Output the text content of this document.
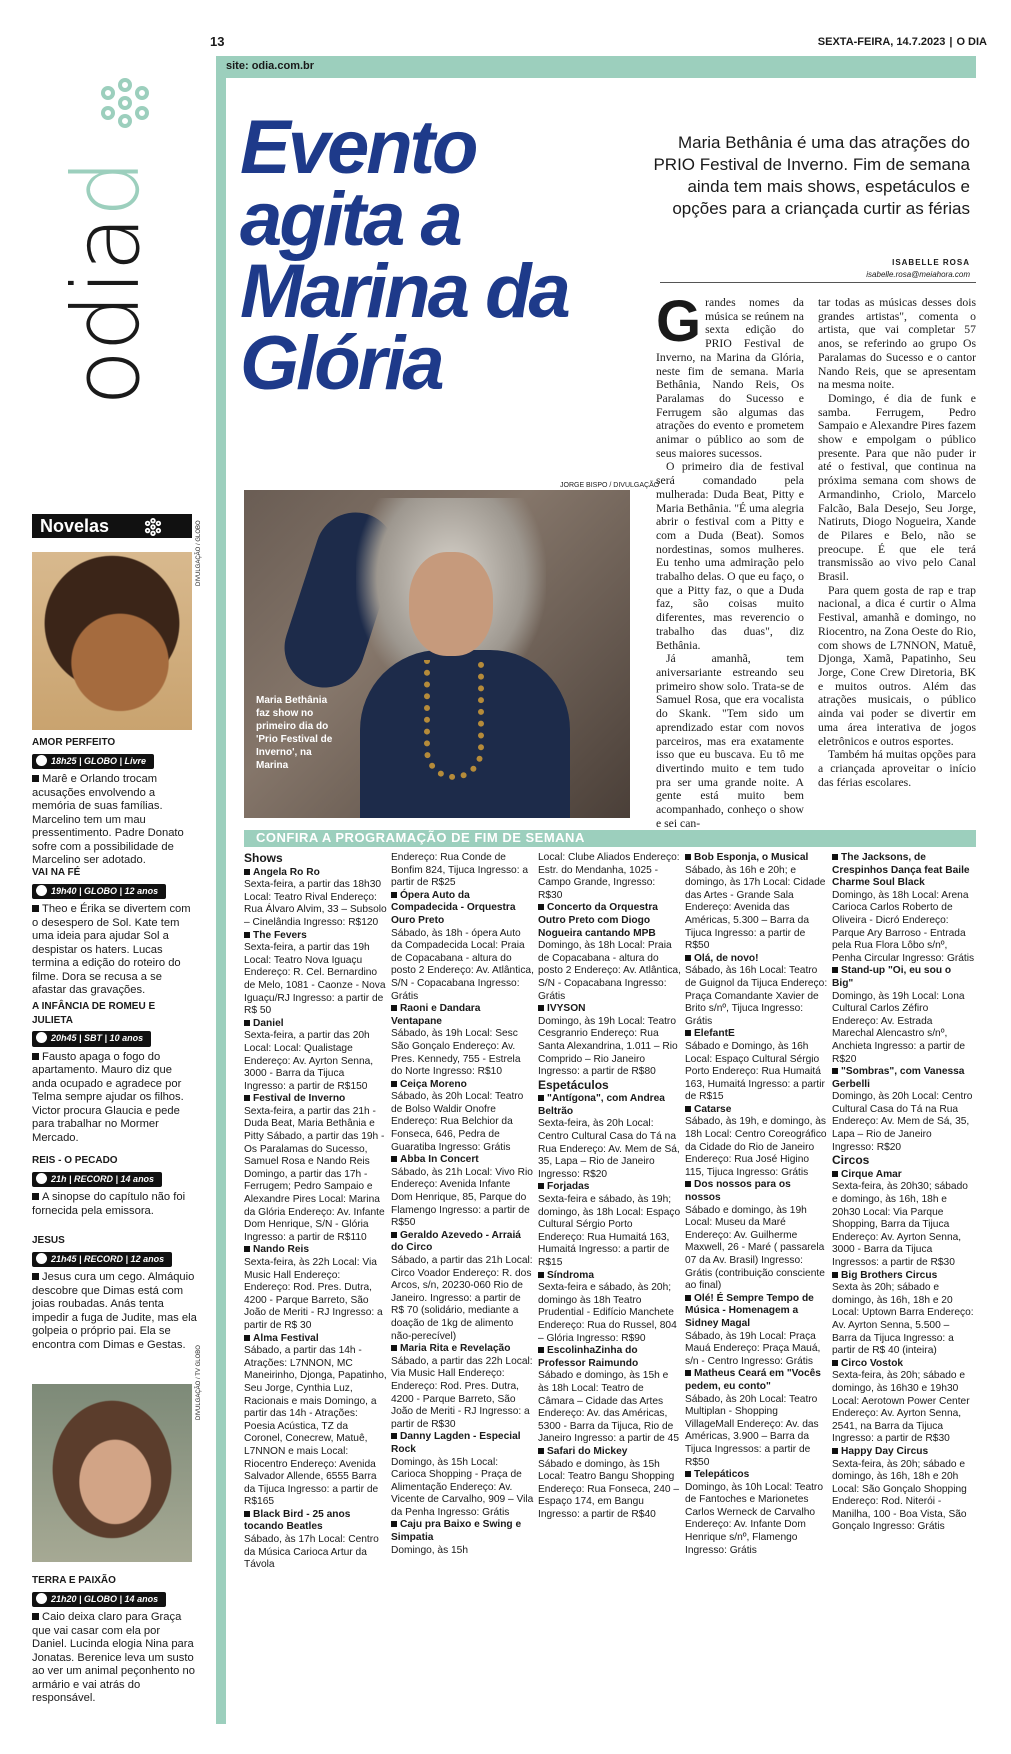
13	SEXTA-FEIRA, 14.7.2023 | O DIA
site: odia.com.br
odiad Evento agita a Marina da Glória

Maria Bethânia é uma das atrações do PRIO Festival de Inverno. Fim de semana ainda tem mais shows, espetáculos e opções para a criançada curtir as férias

ISABELLE ROSA
isabelle.rosa@meiahora.com
JORGE BISPO / DIVULGAÇÃO
Maria Bethânia faz show no primeiro dia do 'Prio Festival de Inverno', na Marina
G randes nomes da música se reúnem na sexta edição do PRIO Festival de Inverno, na Marina da Glória, neste fim de semana. Maria Bethânia, Nando Reis, Os Paralamas do Sucesso e Ferrugem são algumas das atrações do evento e prometem animar o público ao som de seus maiores sucessos.

O primeiro dia de festival será comandado pela mulherada: Duda Beat, Pitty e Maria Bethânia. "É uma alegria abrir o festival com a Pitty e com a Duda (Beat). Somos nordestinas, somos mulheres. Eu tenho uma admiração pelo trabalho delas. O que eu faço, o que a Pitty faz, o que a Duda faz, são coisas muito diferentes, mas reverencio o trabalho das duas", diz Bethânia.

Já amanhã, tem aniversariante estreando seu primeiro show solo. Trata-se de Samuel Rosa, que era vocalista do Skank. "Tem sido um aprendizado estar com novos parceiros, mas era exatamente isso que eu buscava. Eu tô me divertindo muito e tem tudo pra ser uma grande noite. A gente está muito bem acompanhado, conheço o show e sei can-

tar todas as músicas desses dois grandes artistas", comenta o artista, que vai completar 57 anos, se referindo ao grupo Os Paralamas do Sucesso e o cantor Nando Reis, que se apresentam na mesma noite.

Domingo, é dia de funk e samba. Ferrugem, Pedro Sampaio e Alexandre Pires fazem show e empolgam o público presente. Para que não puder ir até o festival, que continua na próxima semana com shows de Armandinho, Criolo, Marcelo Falcão, Bala Desejo, Seu Jorge, Natiruts, Diogo Nogueira, Xande de Pilares e Belo, não se preocupe. É que ele terá transmissão ao vivo pelo Canal Brasil.

Para quem gosta de rap e trap nacional, a dica é curtir o Alma Festival, amanhã e domingo, no Riocentro, na Zona Oeste do Rio, com shows de L7NNON, Matuê, Djonga, Xamã, Papatinho, Seu Jorge, Cone Crew Diretoria, BK e muitos outros. Além das atrações musicais, o público ainda vai poder se divertir em uma área interativa de jogos eletrônicos e outros esportes.

Também há muitas opções para a criançada aproveitar o início das férias escolares.

Novelas	DIVULGAÇÃO / GLOBO
DIVULGAÇÃO / TV GLOBO
AMOR PERFEITO
18h25 | GLOBO | Livre
Marê e Orlando trocam acusações envolvendo a memória de suas famílias. Marcelino tem um mau pressentimento. Padre Donato sofre com a possibilidade de Marcelino ser adotado.
VAI NA FÉ
19h40 | GLOBO | 12 anos
Theo e Érika se divertem com o desespero de Sol. Kate tem uma ideia para ajudar Sol a despistar os haters. Lucas termina a edição do roteiro do filme. Dora se recusa a se afastar das gravações.
A INFÂNCIA DE ROMEU E JULIETA
20h45 | SBT | 10 anos
Fausto apaga o fogo do apartamento. Mauro diz que anda ocupado e agradece por Telma sempre ajudar os filhos. Victor procura Glaucia e pede para trabalhar no Mormer Mercado.
REIS - O PECADO
21h | RECORD | 14 anos
A sinopse do capítulo não foi fornecida pela emissora.
JESUS
21h45 | RECORD | 12 anos
Jesus cura um cego. Almáquio descobre que Dimas está com joias roubadas. Anás tenta impedir a fuga de Judite, mas ela golpeia o próprio pai. Ela se encontra com Dimas e Gestas.
TERRA E PAIXÃO
21h20 | GLOBO | 14 anos
Caio deixa claro para Graça que vai casar com ela por Daniel. Lucinda elogia Nina para Jonatas. Berenice leva um susto ao ver um animal peçonhento no armário e vai atrás do responsável.
CONFIRA A PROGRAMAÇÃO DE FIM DE SEMANA
Shows
Angela Ro Ro
Sexta-feira, a partir das 18h30 Local: Teatro Rival Endereço: Rua Álvaro Alvim, 33 – Subsolo – Cinelândia Ingresso: R$120
The Fevers
Sexta-feira, a partir das 19h Local: Teatro Nova Iguaçu Endereço: R. Cel. Bernardino de Melo, 1081 - Caonze - Nova Iguaçu/RJ Ingresso: a partir de R$ 50
Daniel
Sexta-feira, a partir das 20h Local: Local: Qualistage Endereço: Av. Ayrton Senna, 3000 - Barra da Tijuca Ingresso: a partir de R$150
Festival de Inverno
Sexta-feira, a partir das 21h - Duda Beat, Maria Bethânia e Pitty Sábado, a partir das 19h - Os Paralamas do Sucesso, Samuel Rosa e Nando Reis Domingo, a partir das 17h - Ferrugem; Pedro Sampaio e Alexandre Pires Local: Marina da Glória Endereço: Av. Infante Dom Henrique, S/N - Glória Ingresso: a partir de R$110
Nando Reis
Sexta-feira, às 22h Local: Via Music Hall Endereço: Endereço: Rod. Pres. Dutra, 4200 - Parque Barreto, São João de Meriti - RJ Ingresso: a partir de R$ 30
Alma Festival
Sábado, a partir das 14h - Atrações: L7NNON, MC Maneirinho, Djonga, Papatinho, Seu Jorge, Cynthia Luz, Racionais e mais Domingo, a partir das 14h - Atrações: Poesia Acústica, TZ da Coronel, Conecrew, Matuê, L7NNON e mais Local: Riocentro Endereço: Avenida Salvador Allende, 6555 Barra da Tijuca Ingresso: a partir de R$165
Black Bird - 25 anos tocando Beatles
Sábado, às 17h Local: Centro da Música Carioca Artur da Távola
Endereço: Rua Conde de Bonfim 824, Tijuca Ingresso: a partir de R$25
Ópera Auto da Compadecida - Orquestra Ouro Preto
Sábado, às 18h - ópera Auto da Compadecida Local: Praia de Copacabana - altura do posto 2 Endereço: Av. Atlântica, S/N - Copacabana Ingresso: Grátis
Raoni e Dandara Ventapane
Sábado, às 19h Local: Sesc São Gonçalo Endereço: Av. Pres. Kennedy, 755 - Estrela do Norte Ingresso: R$10
Ceiça Moreno
Sábado, às 20h Local: Teatro de Bolso Waldir Onofre Endereço: Rua Belchior da Fonseca, 646, Pedra de Guaratiba Ingresso: Grátis
Abba In Concert
Sábado, às 21h Local: Vivo Rio Endereço: Avenida Infante Dom Henrique, 85, Parque do Flamengo Ingresso: a partir de R$50
Geraldo Azevedo - Arraiá do Circo
Sábado, a partir das 21h Local: Circo Voador Endereço: R. dos Arcos, s/n, 20230-060 Rio de Janeiro. Ingresso: a partir de R$ 70 (solidário, mediante a doação de 1kg de alimento não-perecível)
Maria Rita e Revelação
Sábado, a partir das 22h Local: Via Music Hall Endereço: Endereço: Rod. Pres. Dutra, 4200 - Parque Barreto, São João de Meriti - RJ Ingresso: a partir de R$30
Danny Lagden - Especial Rock
Domingo, às 15h Local: Carioca Shopping - Praça de Alimentação Endereço: Av. Vicente de Carvalho, 909 – Vila da Penha Ingresso: Grátis
Caju pra Baixo e Swing e Simpatia
Domingo, às 15h
Local: Clube Aliados Endereço: Estr. do Mendanha, 1025 - Campo Grande, Ingresso: R$30
Concerto da Orquestra Outro Preto com Diogo Nogueira cantando MPB
Domingo, às 18h Local: Praia de Copacabana - altura do posto 2 Endereço: Av. Atlântica, S/N - Copacabana Ingresso: Grátis
IVYSON
Domingo, às 19h Local: Teatro Cesgranrio Endereço: Rua Santa Alexandrina, 1.011 – Rio Comprido – Rio Janeiro Ingresso: a partir de R$80
Espetáculos
"Antígona", com Andrea Beltrão
Sexta-feira, às 20h Local: Centro Cultural Casa do Tá na Rua Endereço: Av. Mem de Sá, 35, Lapa – Rio de Janeiro Ingresso: R$20
Forjadas
Sexta-feira e sábado, às 19h; domingo, às 18h Local: Espaço Cultural Sérgio Porto Endereço: Rua Humaitá 163, Humaitá Ingresso: a partir de R$15
Síndroma
Sexta-feira e sábado, às 20h; domingo às 18h Teatro Prudential - Edifício Manchete Endereço: Rua do Russel, 804 – Glória Ingresso: R$90
EscolinhaZinha do Professor Raimundo
Sábado e domingo, às 15h e às 18h Local: Teatro de Câmara – Cidade das Artes Endereço: Av. das Américas, 5300 - Barra da Tijuca, Rio de Janeiro Ingresso: a partir de 45
Safari do Mickey
Sábado e domingo, às 15h Local: Teatro Bangu Shopping Endereço: Rua Fonseca, 240 – Espaço 174, em Bangu Ingresso: a partir de R$40
Bob Esponja, o Musical
Sábado, às 16h e 20h; e domingo, às 17h Local: Cidade das Artes - Grande Sala Endereço: Avenida das Américas, 5.300 – Barra da Tijuca Ingresso: a partir de R$50
Olá, de novo!
Sábado, às 16h Local: Teatro de Guignol da Tijuca Endereço: Praça Comandante Xavier de Brito s/nº, Tijuca Ingresso: Grátis
ElefantE
Sábado e Domingo, às 16h Local: Espaço Cultural Sérgio Porto Endereço: Rua Humaitá 163, Humaitá Ingresso: a partir de R$15
Catarse
Sábado, às 19h, e domingo, às 18h Local: Centro Coreográfico da Cidade do Rio de Janeiro Endereço: Rua José Higino 115, Tijuca Ingresso: Grátis
Dos nossos para os nossos
Sábado e domingo, às 19h Local: Museu da Maré Endereço: Av. Guilherme Maxwell, 26 - Maré ( passarela 07 da Av. Brasil) Ingresso: Grátis (contribuição consciente ao final)
Olé! É Sempre Tempo de Música - Homenagem a Sidney Magal
Sábado, às 19h Local: Praça Mauá Endereço: Praça Mauá, s/n - Centro Ingresso: Grátis
Matheus Ceará em "Vocês pedem, eu conto"
Sábado, às 20h Local: Teatro Multiplan - Shopping VillageMall Endereço: Av. das Américas, 3.900 – Barra da Tijuca Ingressos: a partir de R$50
Telepáticos
Domingo, às 10h Local: Teatro de Fantoches e Marionetes Carlos Werneck de Carvalho Endereço: Av. Infante Dom Henrique s/nº, Flamengo Ingresso: Grátis
The Jacksons, de Crespinhos Dança feat Baile Charme Soul Black
Domingo, às 18h Local: Arena Carioca Carlos Roberto de Oliveira - Dicró Endereço: Parque Ary Barroso - Entrada pela Rua Flora Lôbo s/nº, Penha Circular Ingresso: Grátis
Stand-up "Oi, eu sou o Big"
Domingo, às 19h Local: Lona Cultural Carlos Zéfiro Endereço: Av. Estrada Marechal Alencastro s/nº, Anchieta Ingresso: a partir de R$20
"Sombras", com Vanessa Gerbelli
Domingo, às 20h Local: Centro Cultural Casa do Tá na Rua Endereço: Av. Mem de Sá, 35, Lapa – Rio de Janeiro Ingresso: R$20
Circos
Cirque Amar
Sexta-feira, às 20h30; sábado e domingo, às 16h, 18h e 20h30 Local: Via Parque Shopping, Barra da Tijuca Endereço: Av. Ayrton Senna, 3000 - Barra da Tijuca Ingressos: a partir de R$30
Big Brothers Circus
Sexta às 20h; sábado e domingo, às 16h, 18h e 20 Local: Uptown Barra Endereço: Av. Ayrton Senna, 5.500 – Barra da Tijuca Ingresso: a partir de R$ 40 (inteira)
Circo Vostok
Sexta-feira, às 20h; sábado e domingo, às 16h30 e 19h30 Local: Aerotown Power Center Endereço: Av. Ayrton Senna, 2541, na Barra da Tijuca Ingresso: a partir de R$30
Happy Day Circus
Sexta-feira, às 20h; sábado e domingo, às 16h, 18h e 20h Local: São Gonçalo Shopping Endereço: Rod. Niterói - Manilha, 100 - Boa Vista, São Gonçalo Ingresso: Grátis
